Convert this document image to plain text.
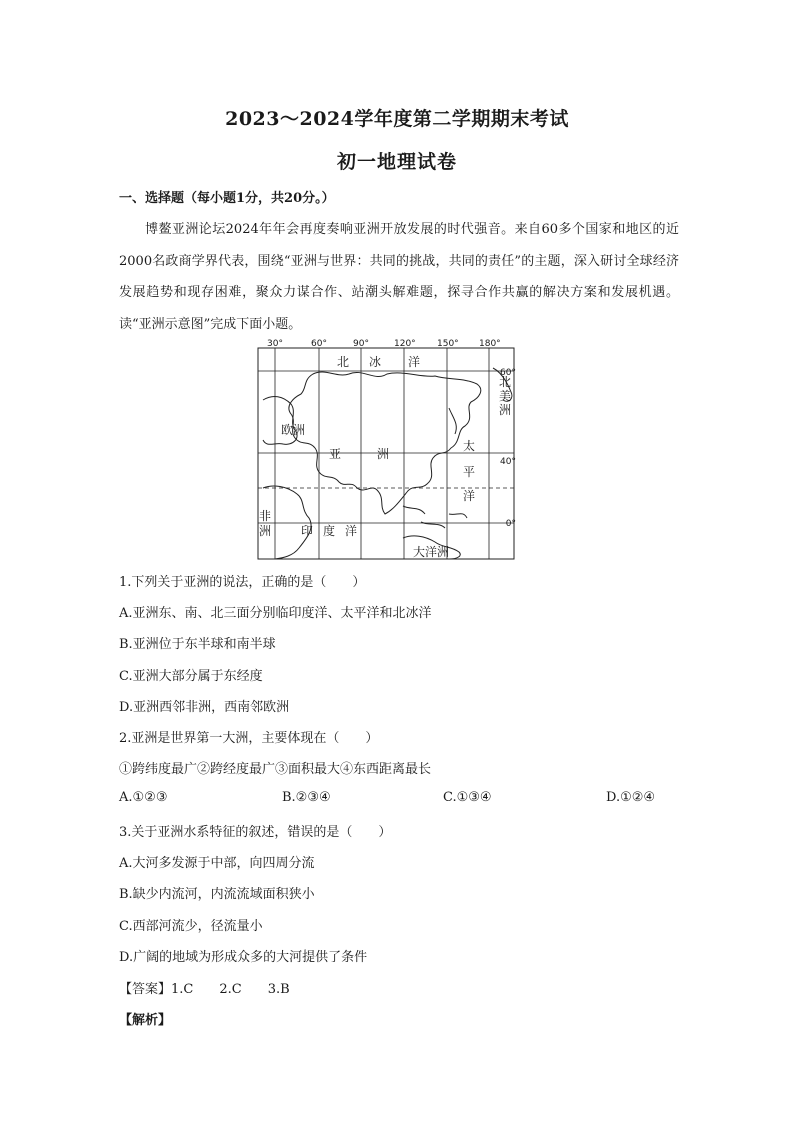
2023～2024学年度第二学期期末考试
初一地理试卷
一、选择题（每小题1分，共20分。）
博鳌亚洲论坛2024年年会再度奏响亚洲开放发展的时代强音。来自60多个国家和地区的近2000名政商学界代表，围绕“亚洲与世界：共同的挑战，共同的责任”的主题，深入研讨全球经济发展趋势和现存困难，聚众力谋合作、站潮头解难题，探寻合作共赢的解决方案和发展机遇。读“亚洲示意图”完成下面小题。
30°	60°	90°	120° 150° 180°
60°
40°
0°
北 冰 洋
北
美
洲
欧洲
亚	洲
太
平
洋
非
洲 印 度 洋
大洋洲
1.下列关于亚洲的说法，正确的是（　　）
A.亚洲东、南、北三面分别临印度洋、太平洋和北冰洋
B.亚洲位于东半球和南半球
C.亚洲大部分属于东经度
D.亚洲西邻非洲，西南邻欧洲
2.亚洲是世界第一大洲，主要体现在（　　）
①跨纬度最广②跨经度最广③面积最大④东西距离最长
A.①②③	B.②③④	C.①③④	D.①②④
3.关于亚洲水系特征的叙述，错误的是（　　）
A.大河多发源于中部，向四周分流
B.缺少内流河，内流流域面积狭小
C.西部河流少，径流量小
D.广阔的地域为形成众多的大河提供了条件
【答案】1.C　　2.C　　3.B
【解析】
